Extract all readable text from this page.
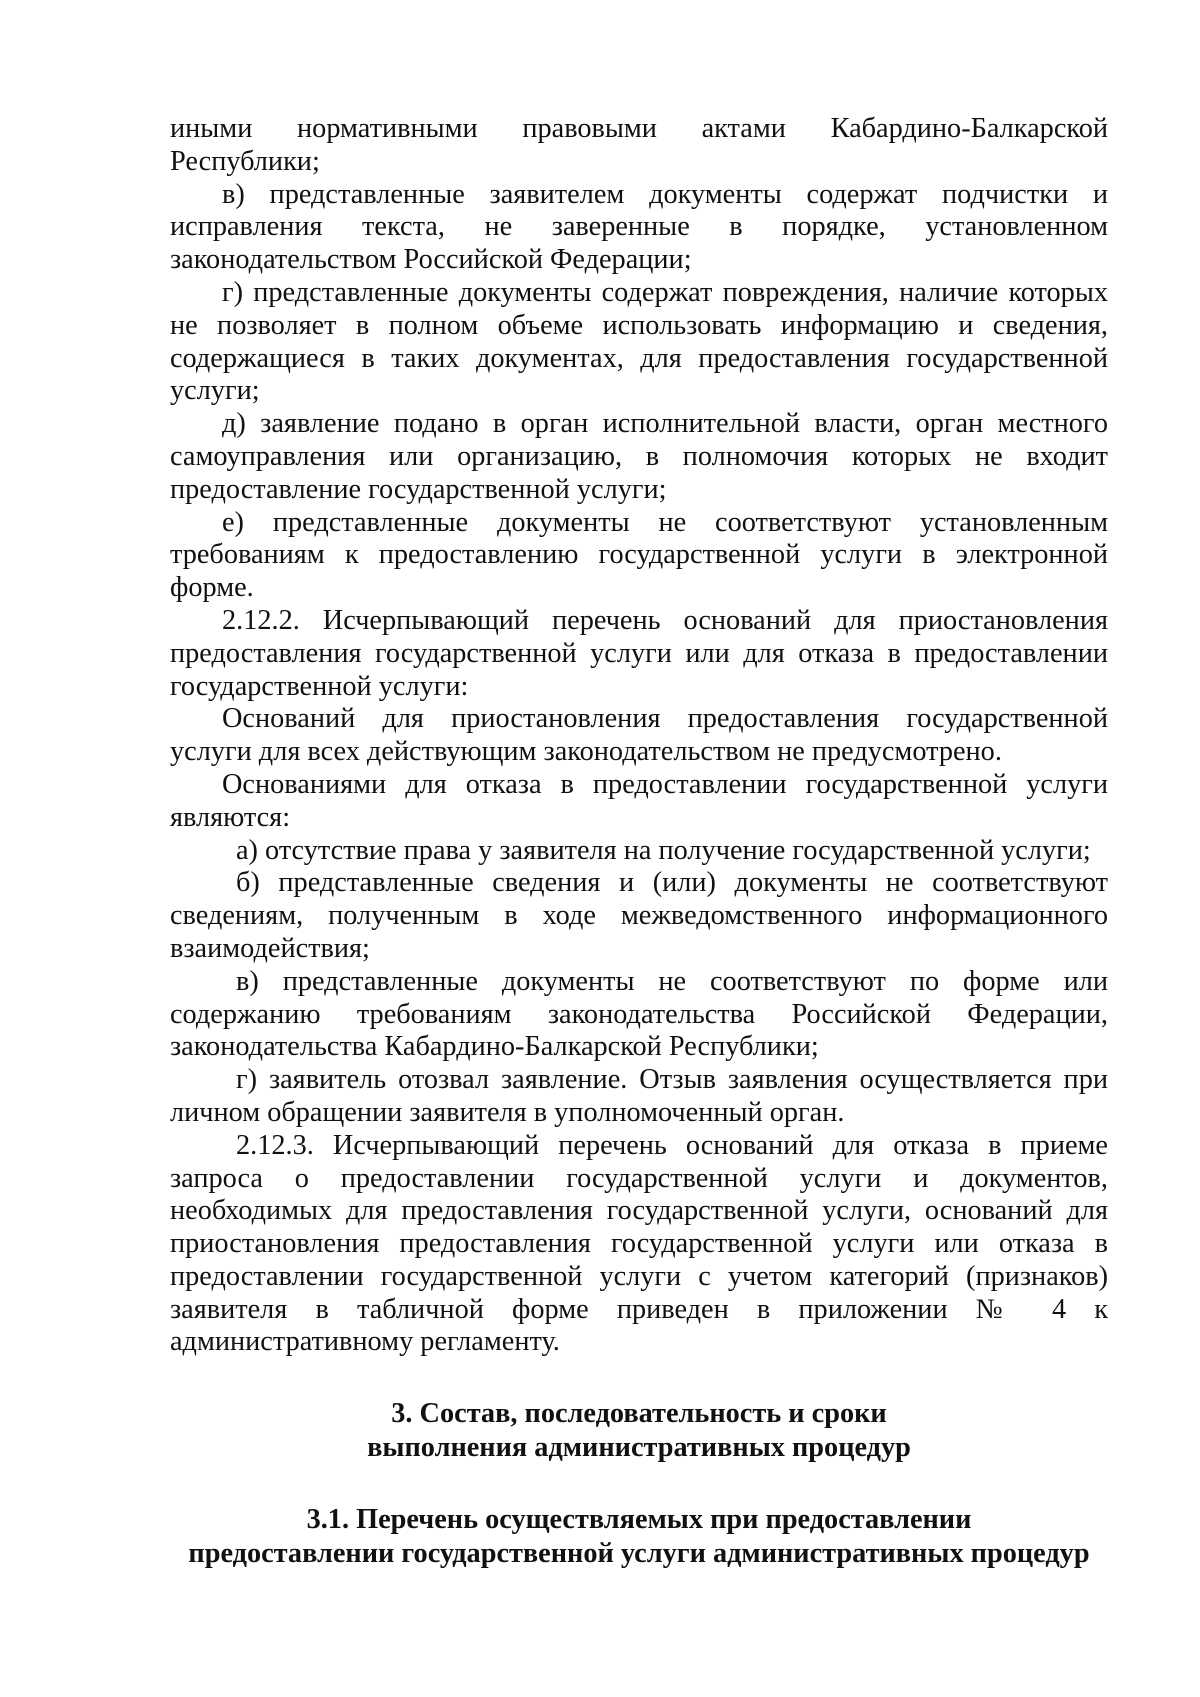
иными нормативными правовыми актами Кабардино-Балкарской Республики;

в) представленные заявителем документы содержат подчистки и исправления текста, не заверенные в порядке, установленном законодательством Российской Федерации;

г) представленные документы содержат повреждения, наличие которых не позволяет в полном объеме использовать информацию и сведения, содержащиеся в таких документах, для предоставления государственной услуги;

д) заявление подано в орган исполнительной власти, орган местного самоуправления или организацию, в полномочия которых не входит предоставление государственной услуги;

е) представленные документы не соответствуют установленным требованиям к предоставлению государственной услуги в электронной форме.

2.12.2. Исчерпывающий перечень оснований для приостановления предоставления государственной услуги или для отказа в предоставлении государственной услуги:

Оснований для приостановления предоставления государственной услуги для всех действующим законодательством не предусмотрено.

Основаниями для отказа в предоставлении государственной услуги являются:

а) отсутствие права у заявителя на получение государственной услуги;

б) представленные сведения и (или) документы не соответствуют сведениям, полученным в ходе межведомственного информационного взаимодействия;

в) представленные документы не соответствуют по форме или содержанию требованиям законодательства Российской Федерации, законодательства Кабардино-Балкарской Республики;

г) заявитель отозвал заявление. Отзыв заявления осуществляется при личном обращении заявителя в уполномоченный орган.

2.12.3. Исчерпывающий перечень оснований для отказа в приеме запроса о предоставлении государственной услуги и документов, необходимых для предоставления государственной услуги, оснований для приостановления предоставления государственной услуги или отказа в предоставлении государственной услуги с учетом категорий (признаков) заявителя в табличной форме приведен в приложении № 4 к административному регламенту.

3. Состав, последовательность и сроки
выполнения административных процедур
3.1. Перечень осуществляемых при предоставлении
предоставлении государственной услуги административных процедур
